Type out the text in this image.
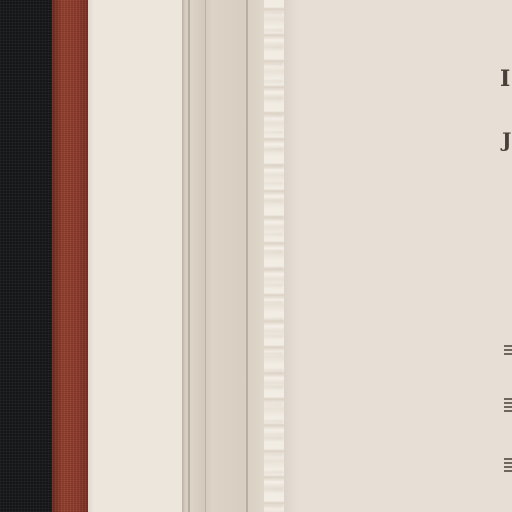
I
J
